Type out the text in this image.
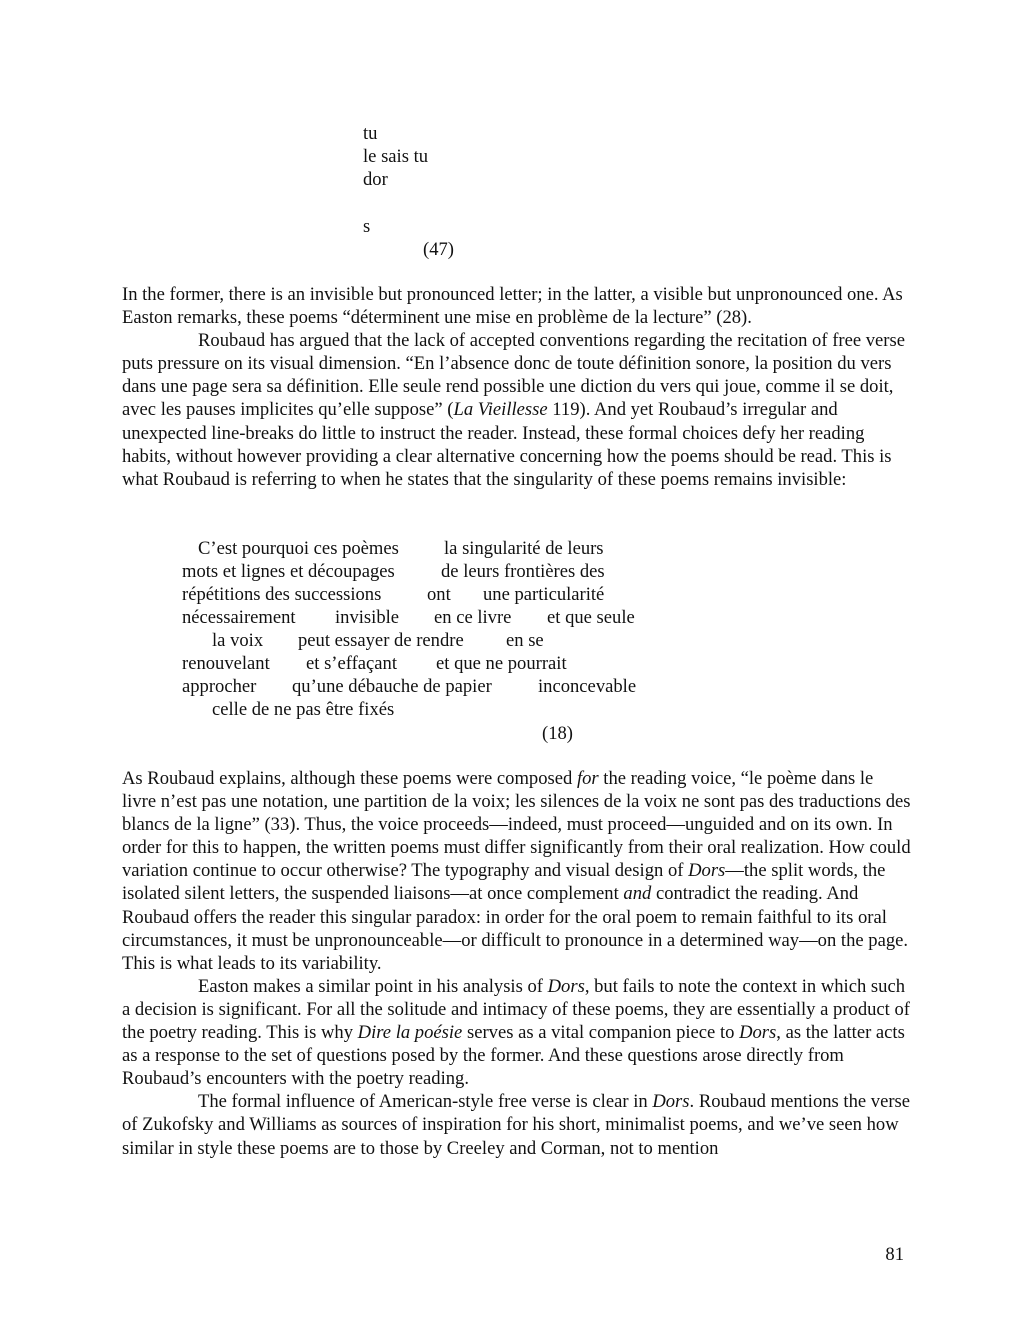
tu
le sais tu
dor
s
(47)

In the former, there is an invisible but pronounced letter; in the latter, a visible but unpronounced one. As Easton remarks, these poems “déterminent une mise en problème de la lecture” (28).

Roubaud has argued that the lack of accepted conventions regarding the recitation of free verse puts pressure on its visual dimension. “En l’absence donc de toute définition sonore, la position du vers dans une page sera sa définition. Elle seule rend possible une diction du vers qui joue, comme il se doit, avec les pauses implicites qu’elle suppose” (La Vieillesse 119). And yet Roubaud’s irregular and unexpected line-breaks do little to instruct the reader. Instead, these formal choices defy her reading habits, without however providing a clear alternative concerning how the poems should be read. This is what Roubaud is referring to when he states that the singularity of these poems remains invisible:

C’est pourquoi ces poèmes la singularité de leurs
mots et lignes et découpages de leurs frontières des
répétitions des successions ont une particularité
nécessairement invisible en ce livre et que seule
la voix peut essayer de rendre en se
renouvelant et s’effaçant et que ne pourrait
approcher qu’une débauche de papier inconcevable
celle de ne pas être fixés
(18)

As Roubaud explains, although these poems were composed for the reading voice, “le poème dans le livre n’est pas une notation, une partition de la voix; les silences de la voix ne sont pas des traductions des blancs de la ligne” (33). Thus, the voice proceeds—indeed, must proceed—unguided and on its own. In order for this to happen, the written poems must differ significantly from their oral realization. How could variation continue to occur otherwise? The typography and visual design of Dors—the split words, the isolated silent letters, the suspended liaisons—at once complement and contradict the reading. And Roubaud offers the reader this singular paradox: in order for the oral poem to remain faithful to its oral circumstances, it must be unpronounceable—or difficult to pronounce in a determined way—on the page. This is what leads to its variability.

Easton makes a similar point in his analysis of Dors, but fails to note the context in which such a decision is significant. For all the solitude and intimacy of these poems, they are essentially a product of the poetry reading. This is why Dire la poésie serves as a vital companion piece to Dors, as the latter acts as a response to the set of questions posed by the former. And these questions arose directly from Roubaud’s encounters with the poetry reading.

The formal influence of American-style free verse is clear in Dors. Roubaud mentions the verse of Zukofsky and Williams as sources of inspiration for his short, minimalist poems, and we’ve seen how similar in style these poems are to those by Creeley and Corman, not to mention

81
